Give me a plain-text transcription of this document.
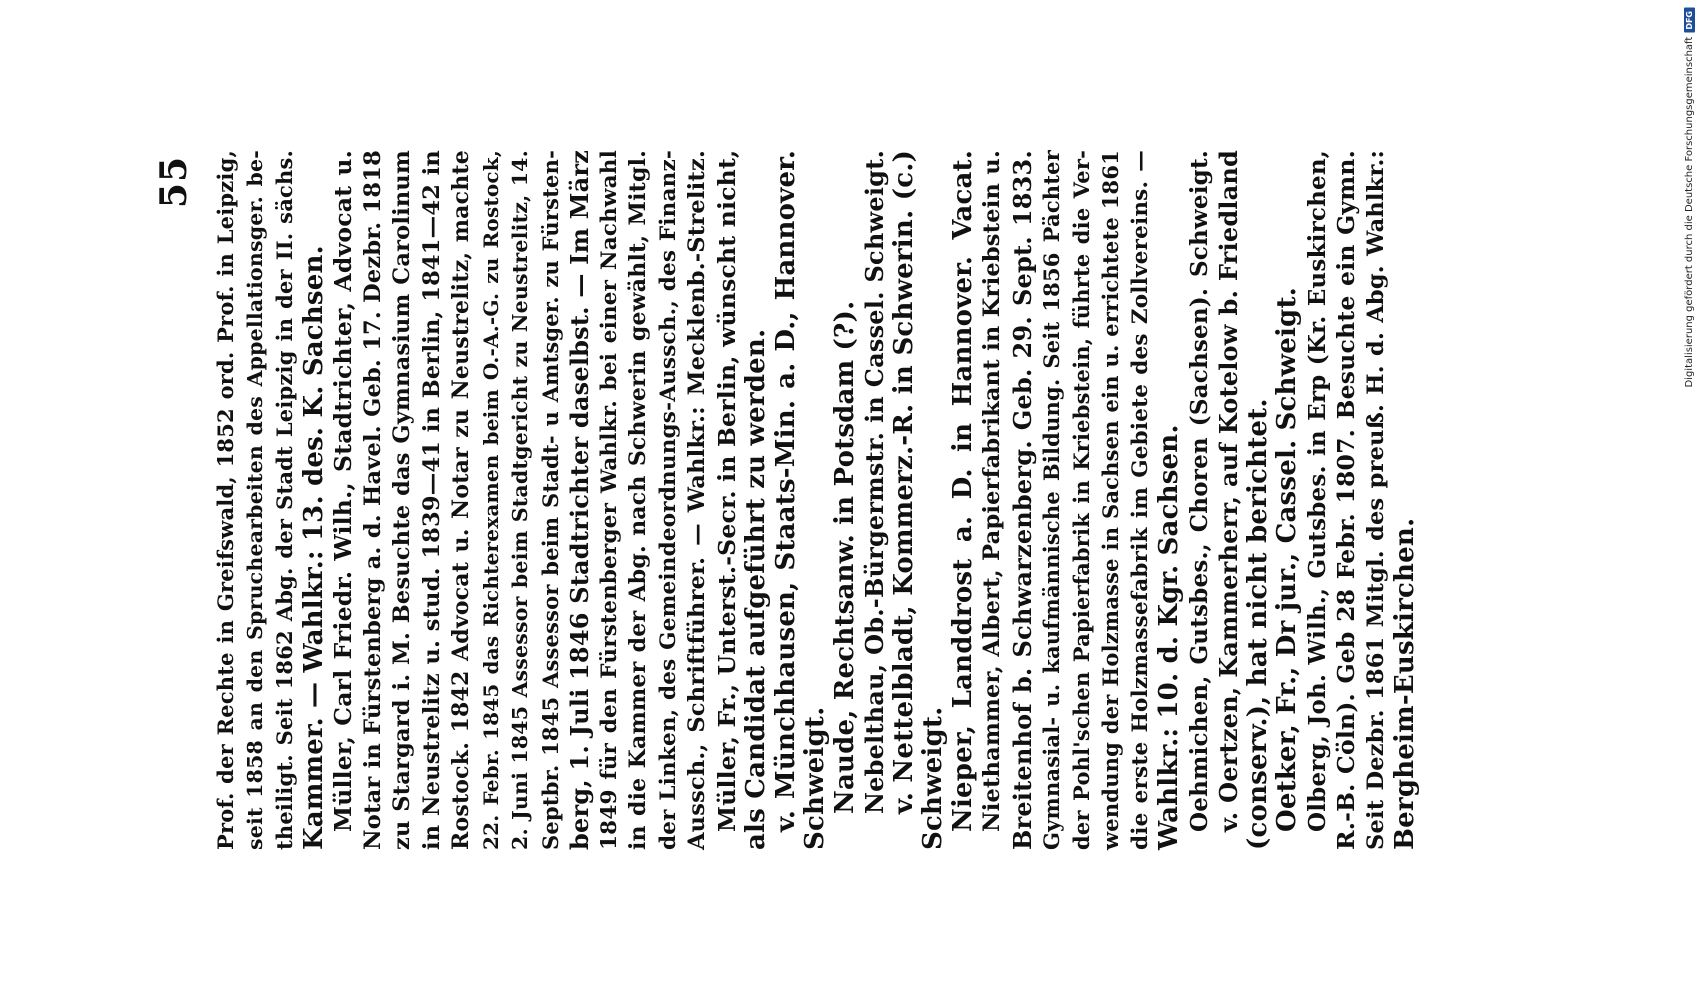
55 Prof. der Rechte in Greifswald, 1852 ord. Prof. in Leipzig, seit 1858 an den Spruchearbeiten des Appellationsger. be- theiligt. Seit 1862 Abg. der Stadt Leipzig in der II. sächs. Kammer. — Wahlkr.: 13. des. K. Sachsen. Müller, Carl Friedr. Wilh., Stadtrichter, Advocat u. Notar in Fürstenberg a. d. Havel. Geb. 17. Dezbr. 1818 zu Stargard i. M. Besuchte das Gymnasium Carolinum in Neustrelitz u. stud. 1839—41 in Berlin, 1841—42 in Rostock. 1842 Advocat u. Notar zu Neustrelitz, machte 22. Febr. 1845 das Richterexamen beim O.-A.-G. zu Rostock, 2. Juni 1845 Assessor beim Stadtgericht zu Neustrelitz, 14. Septbr. 1845 Assessor beim Stadt- u Amtsger. zu Fürsten- berg, 1. Juli 1846 Stadtrichter daselbst. — Im März 1849 für den Fürstenberger Wahlkr. bei einer Nachwahl in die Kammer der Abg. nach Schwerin gewählt, Mitgl. der Linken, des Gemeindeordnungs-Aussch., des Finanz- Aussch., Schriftführer. — Wahlkr.: Mecklenb.-Strelitz. Müller, Fr., Unterst.-Secr. in Berlin, wünscht nicht, als Candidat aufgeführt zu werden. v. Münchhausen, Staats-Min. a. D., Hannover. Schweigt. Naude, Rechtsanw. in Potsdam (?). Nebelthau, Ob.-Bürgermstr. in Cassel. Schweigt. v. Nettelbladt, Kommerz.-R. in Schwerin. (c.) Schweigt. Nieper, Landdrost a. D. in Hannover. Vacat. Niethammer, Albert, Papierfabrikant in Kriebstein u. Breitenhof b. Schwarzenberg. Geb. 29. Sept. 1833. Gymnasial- u. kaufmännische Bildung. Seit 1856 Pächter der Pohl'schen Papierfabrik in Kriebstein, führte die Ver- wendung der Holzmasse in Sachsen ein u. errichtete 1861 die erste Holzmassefabrik im Gebiete des Zollvereins. — Wahlkr.: 10. d. Kgr. Sachsen. Oehmichen, Gutsbes., Choren (Sachsen). Schweigt. v. Oertzen, Kammerherr, auf Kotelow b. Friedland (conserv.), hat nicht berichtet. Oetker, Fr., Dr jur., Cassel. Schweigt. Olberg, Joh. Wilh., Gutsbes. in Erp (Kr. Euskirchen, R.-B. Cöln). Geb 28 Febr. 1807. Besuchte ein Gymn. Seit Dezbr. 1861 Mitgl. des preuß. H. d. Abg. Wahlkr.: Bergheim-Euskirchen.
DFG
Digitalisierung gefördert durch die Deutsche Forschungsgemeinschaft
